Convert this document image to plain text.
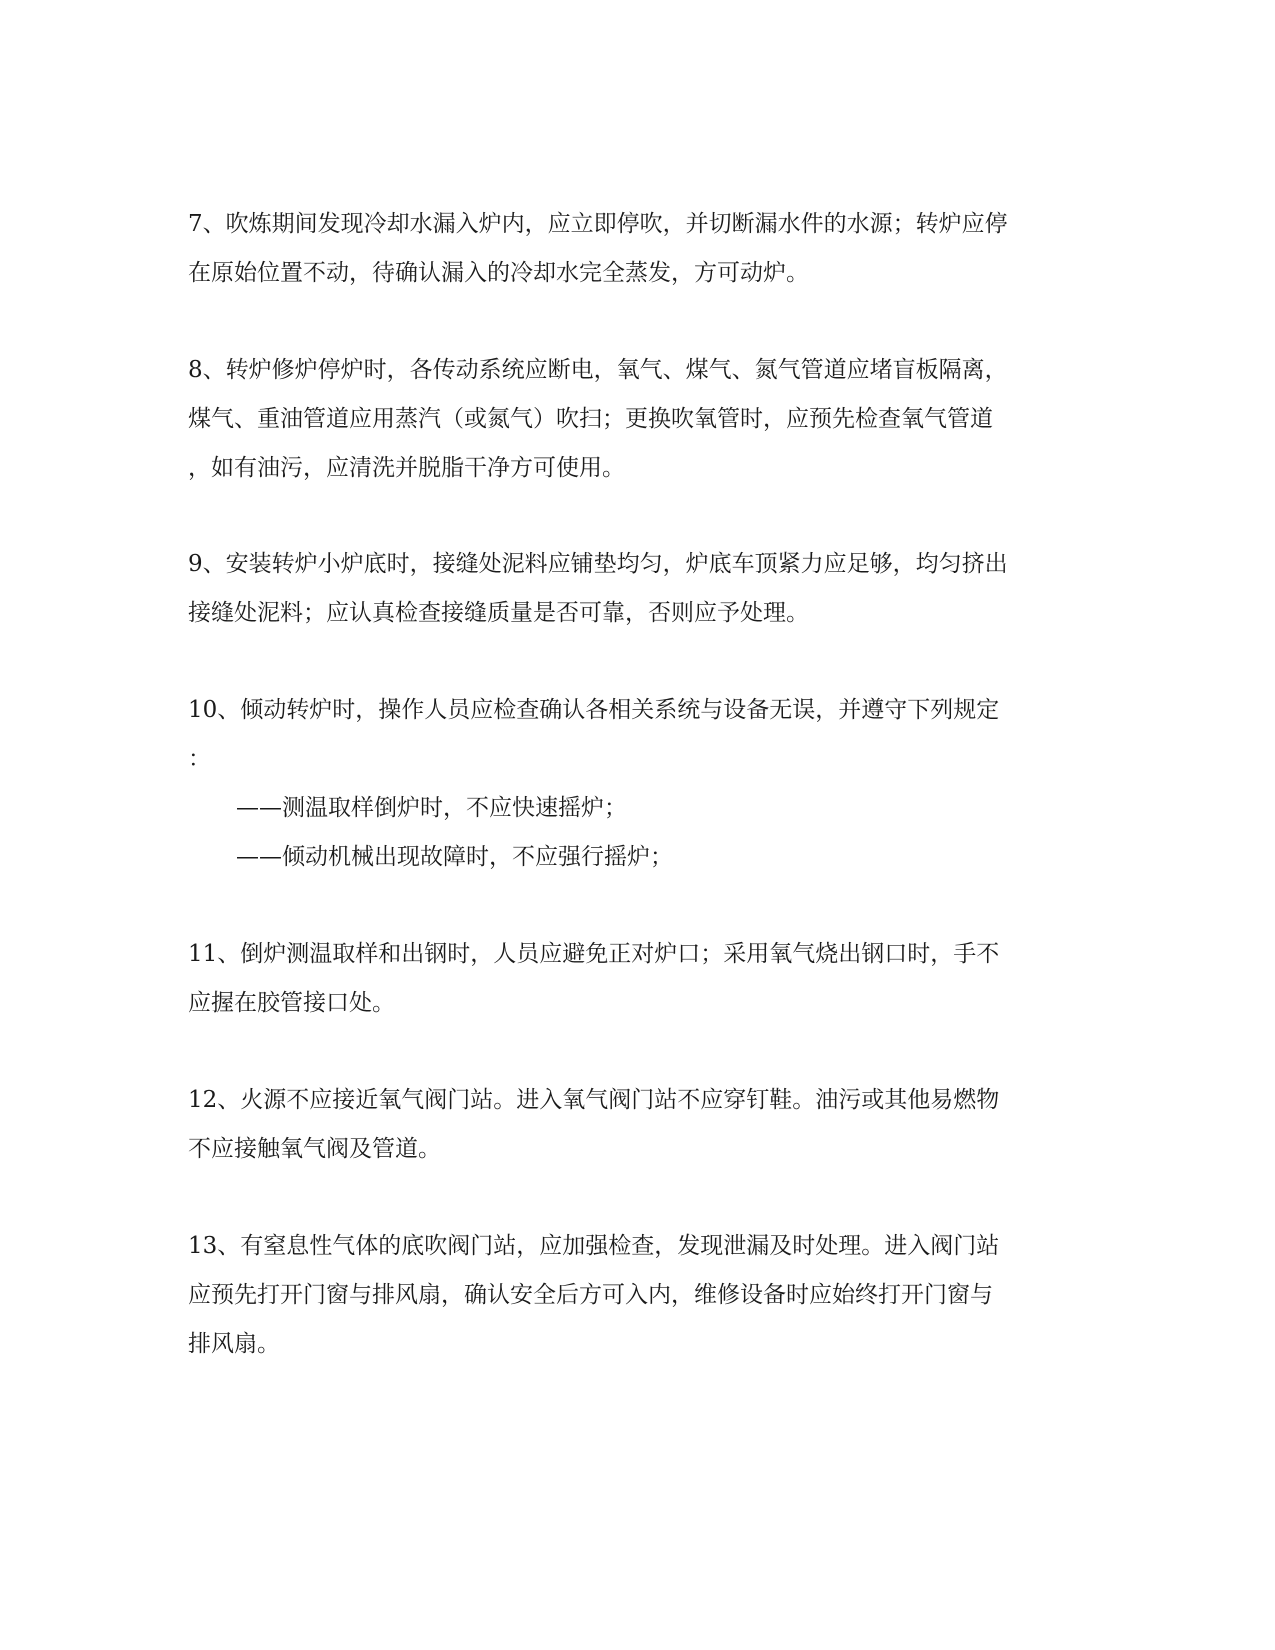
7、吹炼期间发现冷却水漏入炉内，应立即停吹，并切断漏水件的水源；转炉应停
在原始位置不动，待确认漏入的冷却水完全蒸发，方可动炉。

8、转炉修炉停炉时，各传动系统应断电，氧气、煤气、氮气管道应堵盲板隔离，
煤气、重油管道应用蒸汽（或氮气）吹扫；更换吹氧管时，应预先检查氧气管道
，如有油污，应清洗并脱脂干净方可使用。

9、安装转炉小炉底时，接缝处泥料应铺垫均匀，炉底车顶紧力应足够，均匀挤出
接缝处泥料；应认真检查接缝质量是否可靠，否则应予处理。

10、倾动转炉时，操作人员应检查确认各相关系统与设备无误，并遵守下列规定
：

——测温取样倒炉时，不应快速摇炉；

——倾动机械出现故障时，不应强行摇炉；

11、倒炉测温取样和出钢时，人员应避免正对炉口；采用氧气烧出钢口时，手不
应握在胶管接口处。

12、火源不应接近氧气阀门站。进入氧气阀门站不应穿钉鞋。油污或其他易燃物
不应接触氧气阀及管道。

13、有窒息性气体的底吹阀门站，应加强检查，发现泄漏及时处理。进入阀门站
应预先打开门窗与排风扇，确认安全后方可入内，维修设备时应始终打开门窗与
排风扇。
